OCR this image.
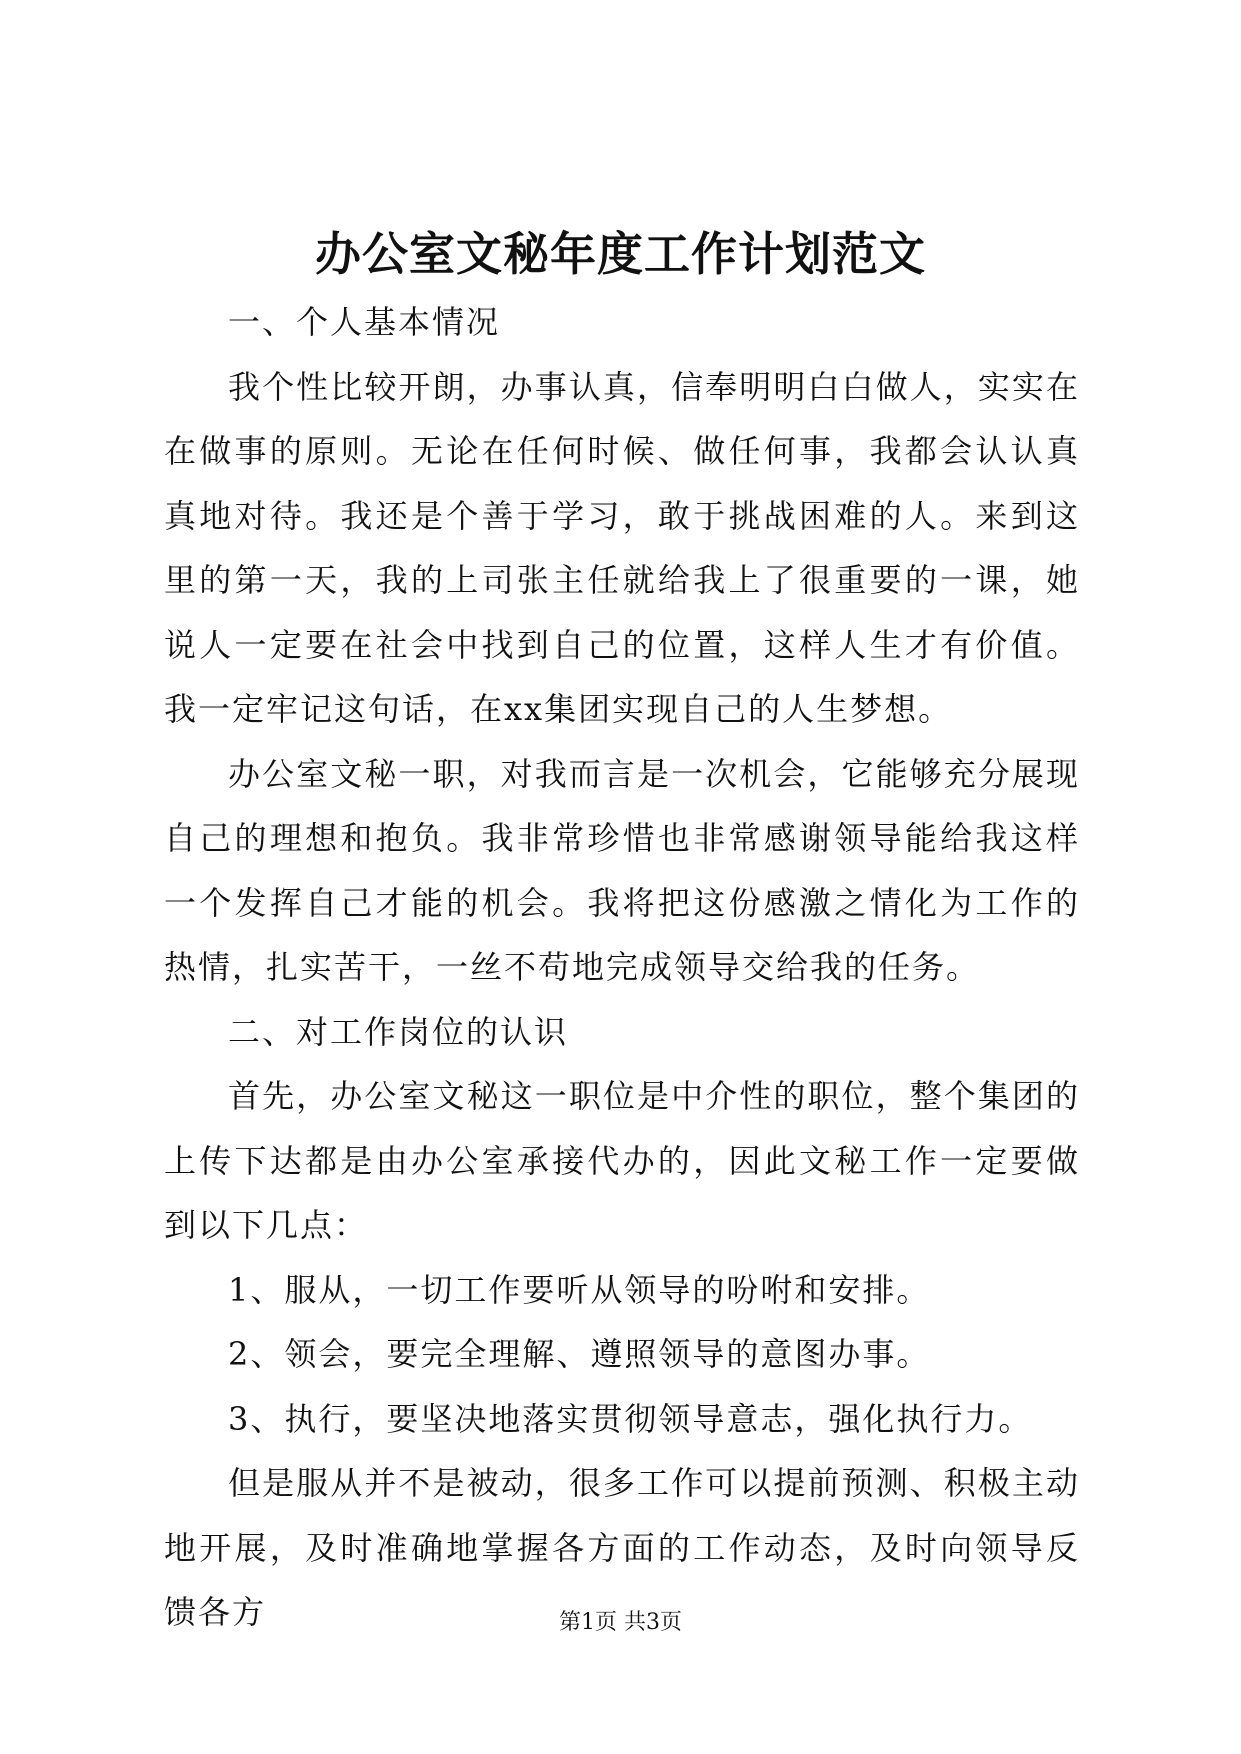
办公室文秘年度工作计划范文

一、个人基本情况

我个性比较开朗，办事认真，信奉明明白白做人，实实在在做事的原则。无论在任何时候、做任何事，我都会认认真真地对待。我还是个善于学习，敢于挑战困难的人。来到这里的第一天，我的上司张主任就给我上了很重要的一课，她说人一定要在社会中找到自己的位置，这样人生才有价值。我一定牢记这句话，在xx集团实现自己的人生梦想。

办公室文秘一职，对我而言是一次机会，它能够充分展现自己的理想和抱负。我非常珍惜也非常感谢领导能给我这样一个发挥自己才能的机会。我将把这份感激之情化为工作的热情，扎实苦干，一丝不苟地完成领导交给我的任务。

二、对工作岗位的认识

首先，办公室文秘这一职位是中介性的职位，整个集团的上传下达都是由办公室承接代办的，因此文秘工作一定要做到以下几点：

1、服从，一切工作要听从领导的吩咐和安排。

2、领会，要完全理解、遵照领导的意图办事。

3、执行，要坚决地落实贯彻领导意志，强化执行力。

但是服从并不是被动，很多工作可以提前预测、积极主动地开展，及时准确地掌握各方面的工作动态，及时向领导反馈各方	第1页 共3页
